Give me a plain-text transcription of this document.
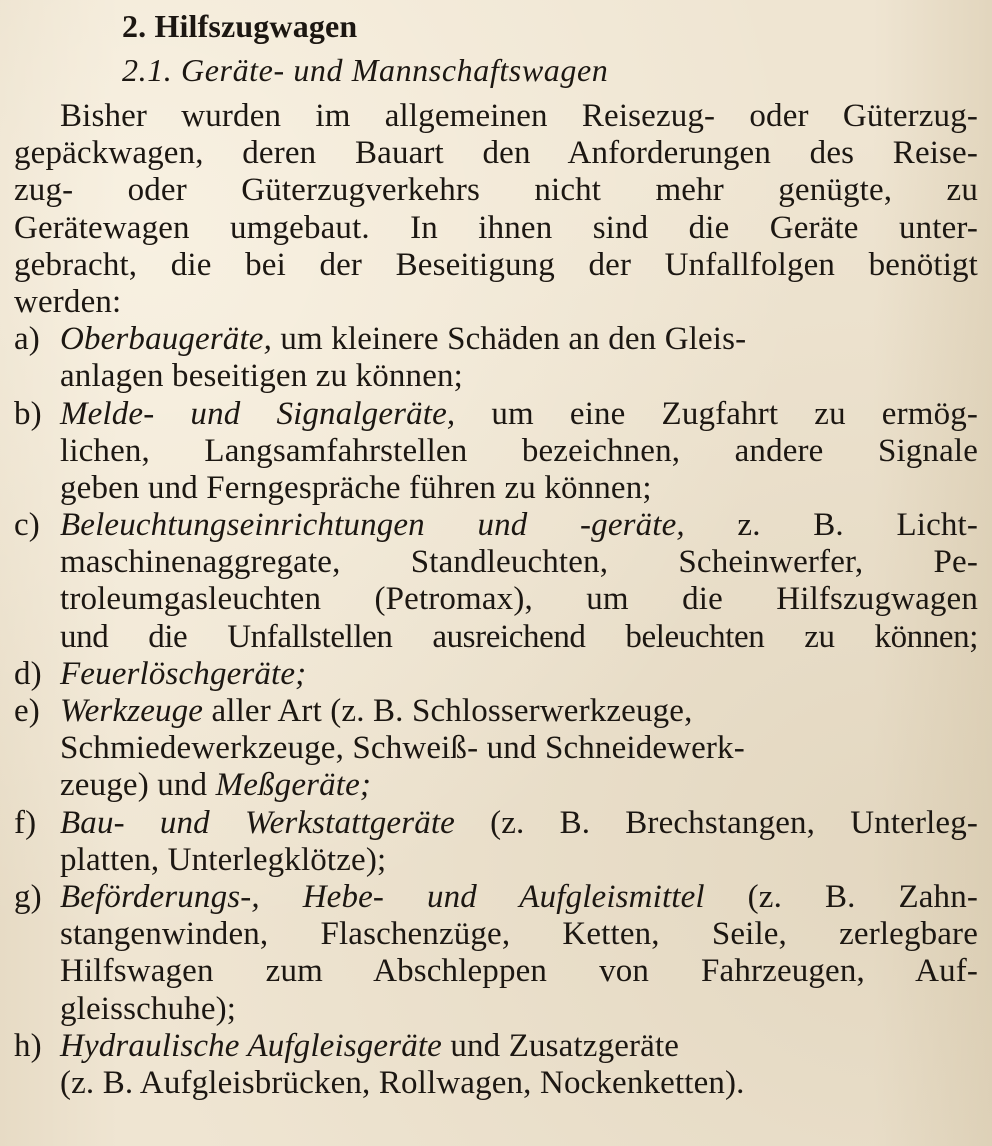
2. Hilfszugwagen
2.1. Geräte- und Mannschaftswagen
Bisher wurden im allgemeinen Reisezug- oder Güterzug-
gepäckwagen, deren Bauart den Anforderungen des Reise-
zug- oder Güterzugverkehrs nicht mehr genügte, zu
Gerätewagen umgebaut. In ihnen sind die Geräte unter-
gebracht, die bei der Beseitigung der Unfallfolgen benötigt
werden:
a) Oberbaugeräte, um kleinere Schäden an den Gleis-
anlagen beseitigen zu können;
b) Melde- und Signalgeräte, um eine Zugfahrt zu ermög-
lichen, Langsamfahrstellen bezeichnen, andere Signale
geben und Ferngespräche führen zu können;
c) Beleuchtungseinrichtungen und -geräte, z. B. Licht-
maschinenaggregate, Standleuchten, Scheinwerfer, Pe-
troleumgasleuchten (Petromax), um die Hilfszugwagen
und die Unfallstellen ausreichend beleuchten zu können;
d) Feuerlöschgeräte;
e) Werkzeuge aller Art (z. B. Schlosserwerkzeuge,
Schmiedewerkzeuge, Schweiß- und Schneidewerk-
zeuge) und Meßgeräte;
f) Bau- und Werkstattgeräte (z. B. Brechstangen, Unterleg-
platten, Unterlegklötze);
g) Beförderungs-, Hebe- und Aufgleismittel (z. B. Zahn-
stangenwinden, Flaschenzüge, Ketten, Seile, zerlegbare
Hilfswagen zum Abschleppen von Fahrzeugen, Auf-
gleisschuhe);
h) Hydraulische Aufgleisgeräte und Zusatzgeräte
(z. B. Aufgleisbrücken, Rollwagen, Nockenketten).
